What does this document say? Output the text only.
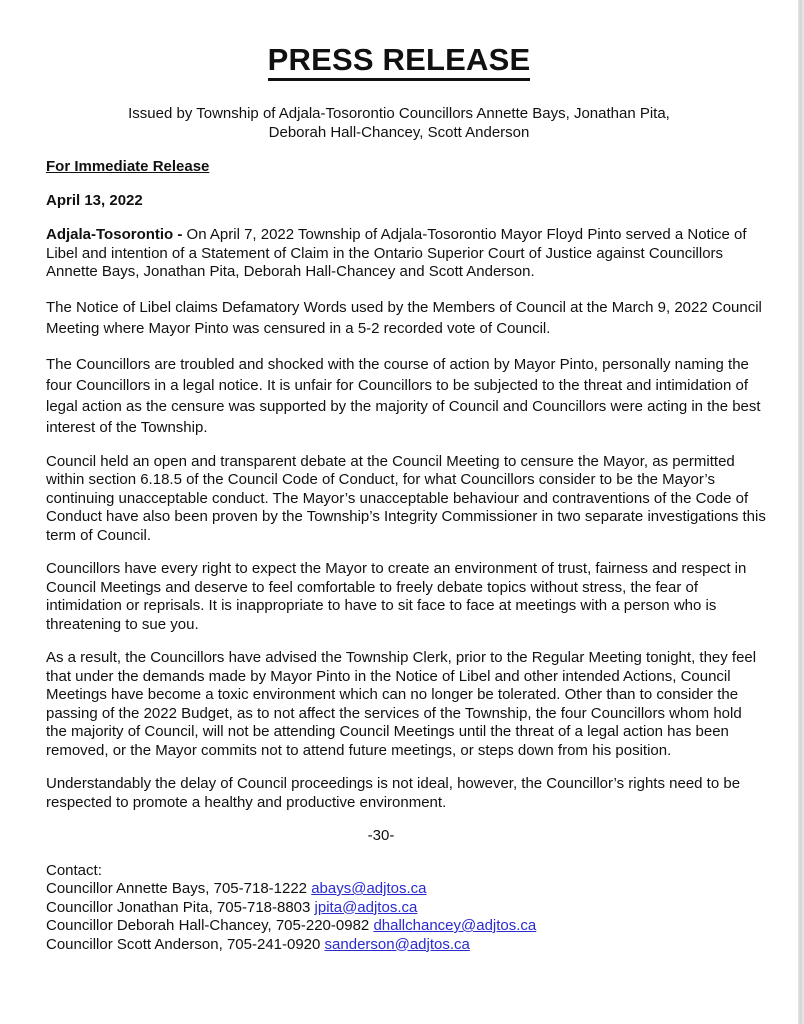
PRESS RELEASE
Issued by Township of Adjala-Tosorontio Councillors Annette Bays, Jonathan Pita,
Deborah Hall-Chancey, Scott Anderson
For Immediate Release
April 13, 2022

Adjala-Tosorontio - On April 7, 2022 Township of Adjala-Tosorontio Mayor Floyd Pinto served a Notice of Libel and intention of a Statement of Claim in the Ontario Superior Court of Justice against Councillors Annette Bays, Jonathan Pita, Deborah Hall-Chancey and Scott Anderson.

The Notice of Libel claims Defamatory Words used by the Members of Council at the March 9, 2022 Council Meeting where Mayor Pinto was censured in a 5-2 recorded vote of Council.

The Councillors are troubled and shocked with the course of action by Mayor Pinto, personally naming the four Councillors in a legal notice. It is unfair for Councillors to be subjected to the threat and intimidation of legal action as the censure was supported by the majority of Council and Councillors were acting in the best interest of the Township.

Council held an open and transparent debate at the Council Meeting to censure the Mayor, as permitted within section 6.18.5 of the Council Code of Conduct, for what Councillors consider to be the Mayor’s continuing unacceptable conduct. The Mayor’s unacceptable behaviour and contraventions of the Code of Conduct have also been proven by the Township’s Integrity Commissioner in two separate investigations this term of Council.

Councillors have every right to expect the Mayor to create an environment of trust, fairness and respect in Council Meetings and deserve to feel comfortable to freely debate topics without stress, the fear of intimidation or reprisals. It is inappropriate to have to sit face to face at meetings with a person who is threatening to sue you.

As a result, the Councillors have advised the Township Clerk, prior to the Regular Meeting tonight, they feel that under the demands made by Mayor Pinto in the Notice of Libel and other intended Actions, Council Meetings have become a toxic environment which can no longer be tolerated. Other than to consider the passing of the 2022 Budget, as to not affect the services of the Township, the four Councillors whom hold the majority of Council, will not be attending Council Meetings until the threat of a legal action has been removed, or the Mayor commits not to attend future meetings, or steps down from his position.

Understandably the delay of Council proceedings is not ideal, however, the Councillor’s rights need to be respected to promote a healthy and productive environment.

-30-
Contact:
Councillor Annette Bays, 705-718-1222 abays@adjtos.ca
Councillor Jonathan Pita, 705-718-8803 jpita@adjtos.ca
Councillor Deborah Hall-Chancey, 705-220-0982 dhallchancey@adjtos.ca
Councillor Scott Anderson, 705-241-0920 sanderson@adjtos.ca
